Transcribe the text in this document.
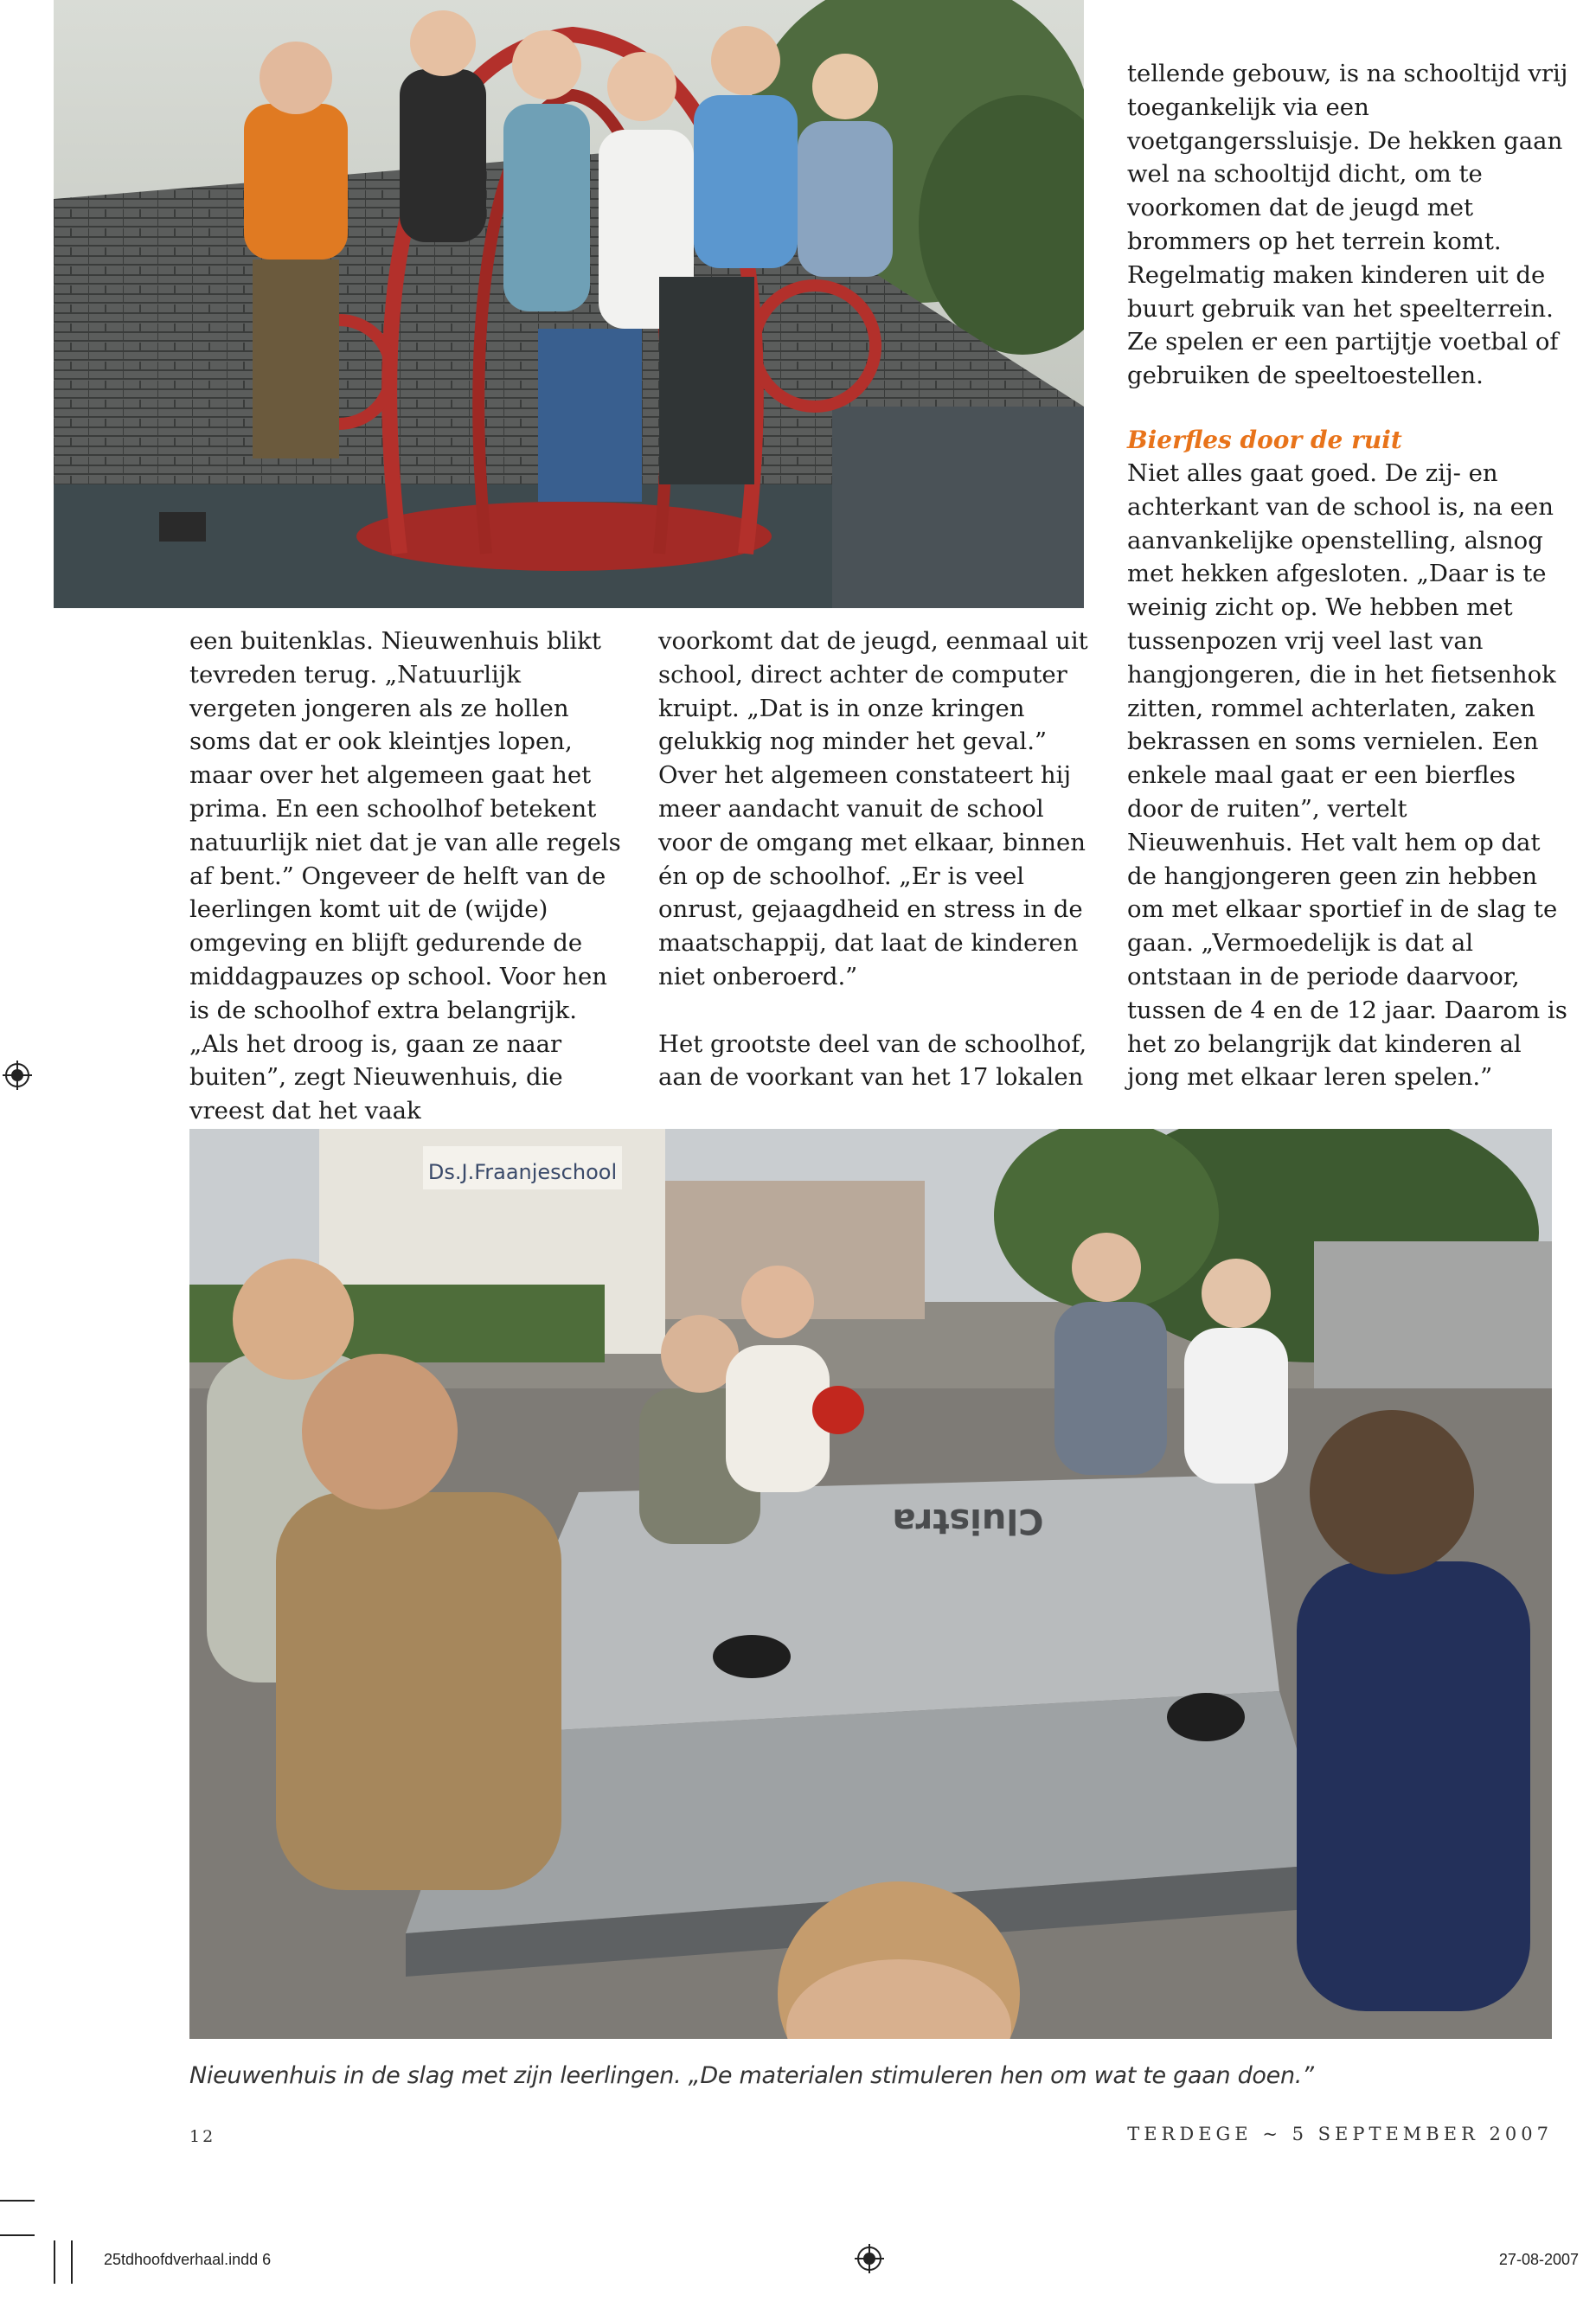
tellende gebouw, is na schooltijd vrij toegankelijk via een voetgangerssluisje. De hekken gaan wel na schooltijd dicht, om te voorkomen dat de jeugd met brommers op het terrein komt. Regelmatig maken kinderen uit de buurt gebruik van het speelterrein. Ze spelen er een partijtje voetbal of gebruiken de speeltoestellen.

Bierfles door de ruit

Niet alles gaat goed. De zij- en achterkant van de school is, na een aanvankelijke openstelling, alsnog met hekken afgesloten. „Daar is te weinig zicht op. We hebben met tussenpozen vrij veel last van hangjongeren, die in het fietsenhok zitten, rommel achterlaten, zaken bekrassen en soms vernielen. Een enkele maal gaat er een bierfles door de ruiten”, vertelt Nieuwenhuis. Het valt hem op dat de hangjongeren geen zin hebben om met elkaar sportief in de slag te gaan. „Vermoedelijk is dat al ontstaan in de periode daarvoor, tussen de 4 en de 12 jaar. Daarom is het zo belangrijk dat kinderen al jong met elkaar leren spelen.”

een buitenklas. Nieuwenhuis blikt tevreden terug. „Natuurlijk vergeten jongeren als ze hollen soms dat er ook kleintjes lopen, maar over het algemeen gaat het prima. En een schoolhof betekent natuurlijk niet dat je van alle regels af bent.” Ongeveer de helft van de leerlingen komt uit de (wijde) omgeving en blijft gedurende de middagpauzes op school. Voor hen is de schoolhof extra belangrijk. „Als het droog is, gaan ze naar buiten”, zegt Nieuwenhuis, die vreest dat het vaak

voorkomt dat de jeugd, eenmaal uit school, direct achter de computer kruipt. „Dat is in onze kringen gelukkig nog minder het geval.” Over het algemeen constateert hij meer aandacht vanuit de school voor de omgang met elkaar, binnen én op de schoolhof. „Er is veel onrust, gejaagdheid en stress in de maatschappij, dat laat de kinderen niet onberoerd.”

Het grootste deel van de schoolhof, aan de voorkant van het 17 lokalen

Ds.J.Fraanjeschool
Cluistra
Nieuwenhuis in de slag met zijn leerlingen. „De materialen stimuleren hen om wat te gaan doen.”
12	TERDEGE ~ 5 SEPTEMBER 2007
25tdhoofdverhaal.indd 6	27-08-2007
